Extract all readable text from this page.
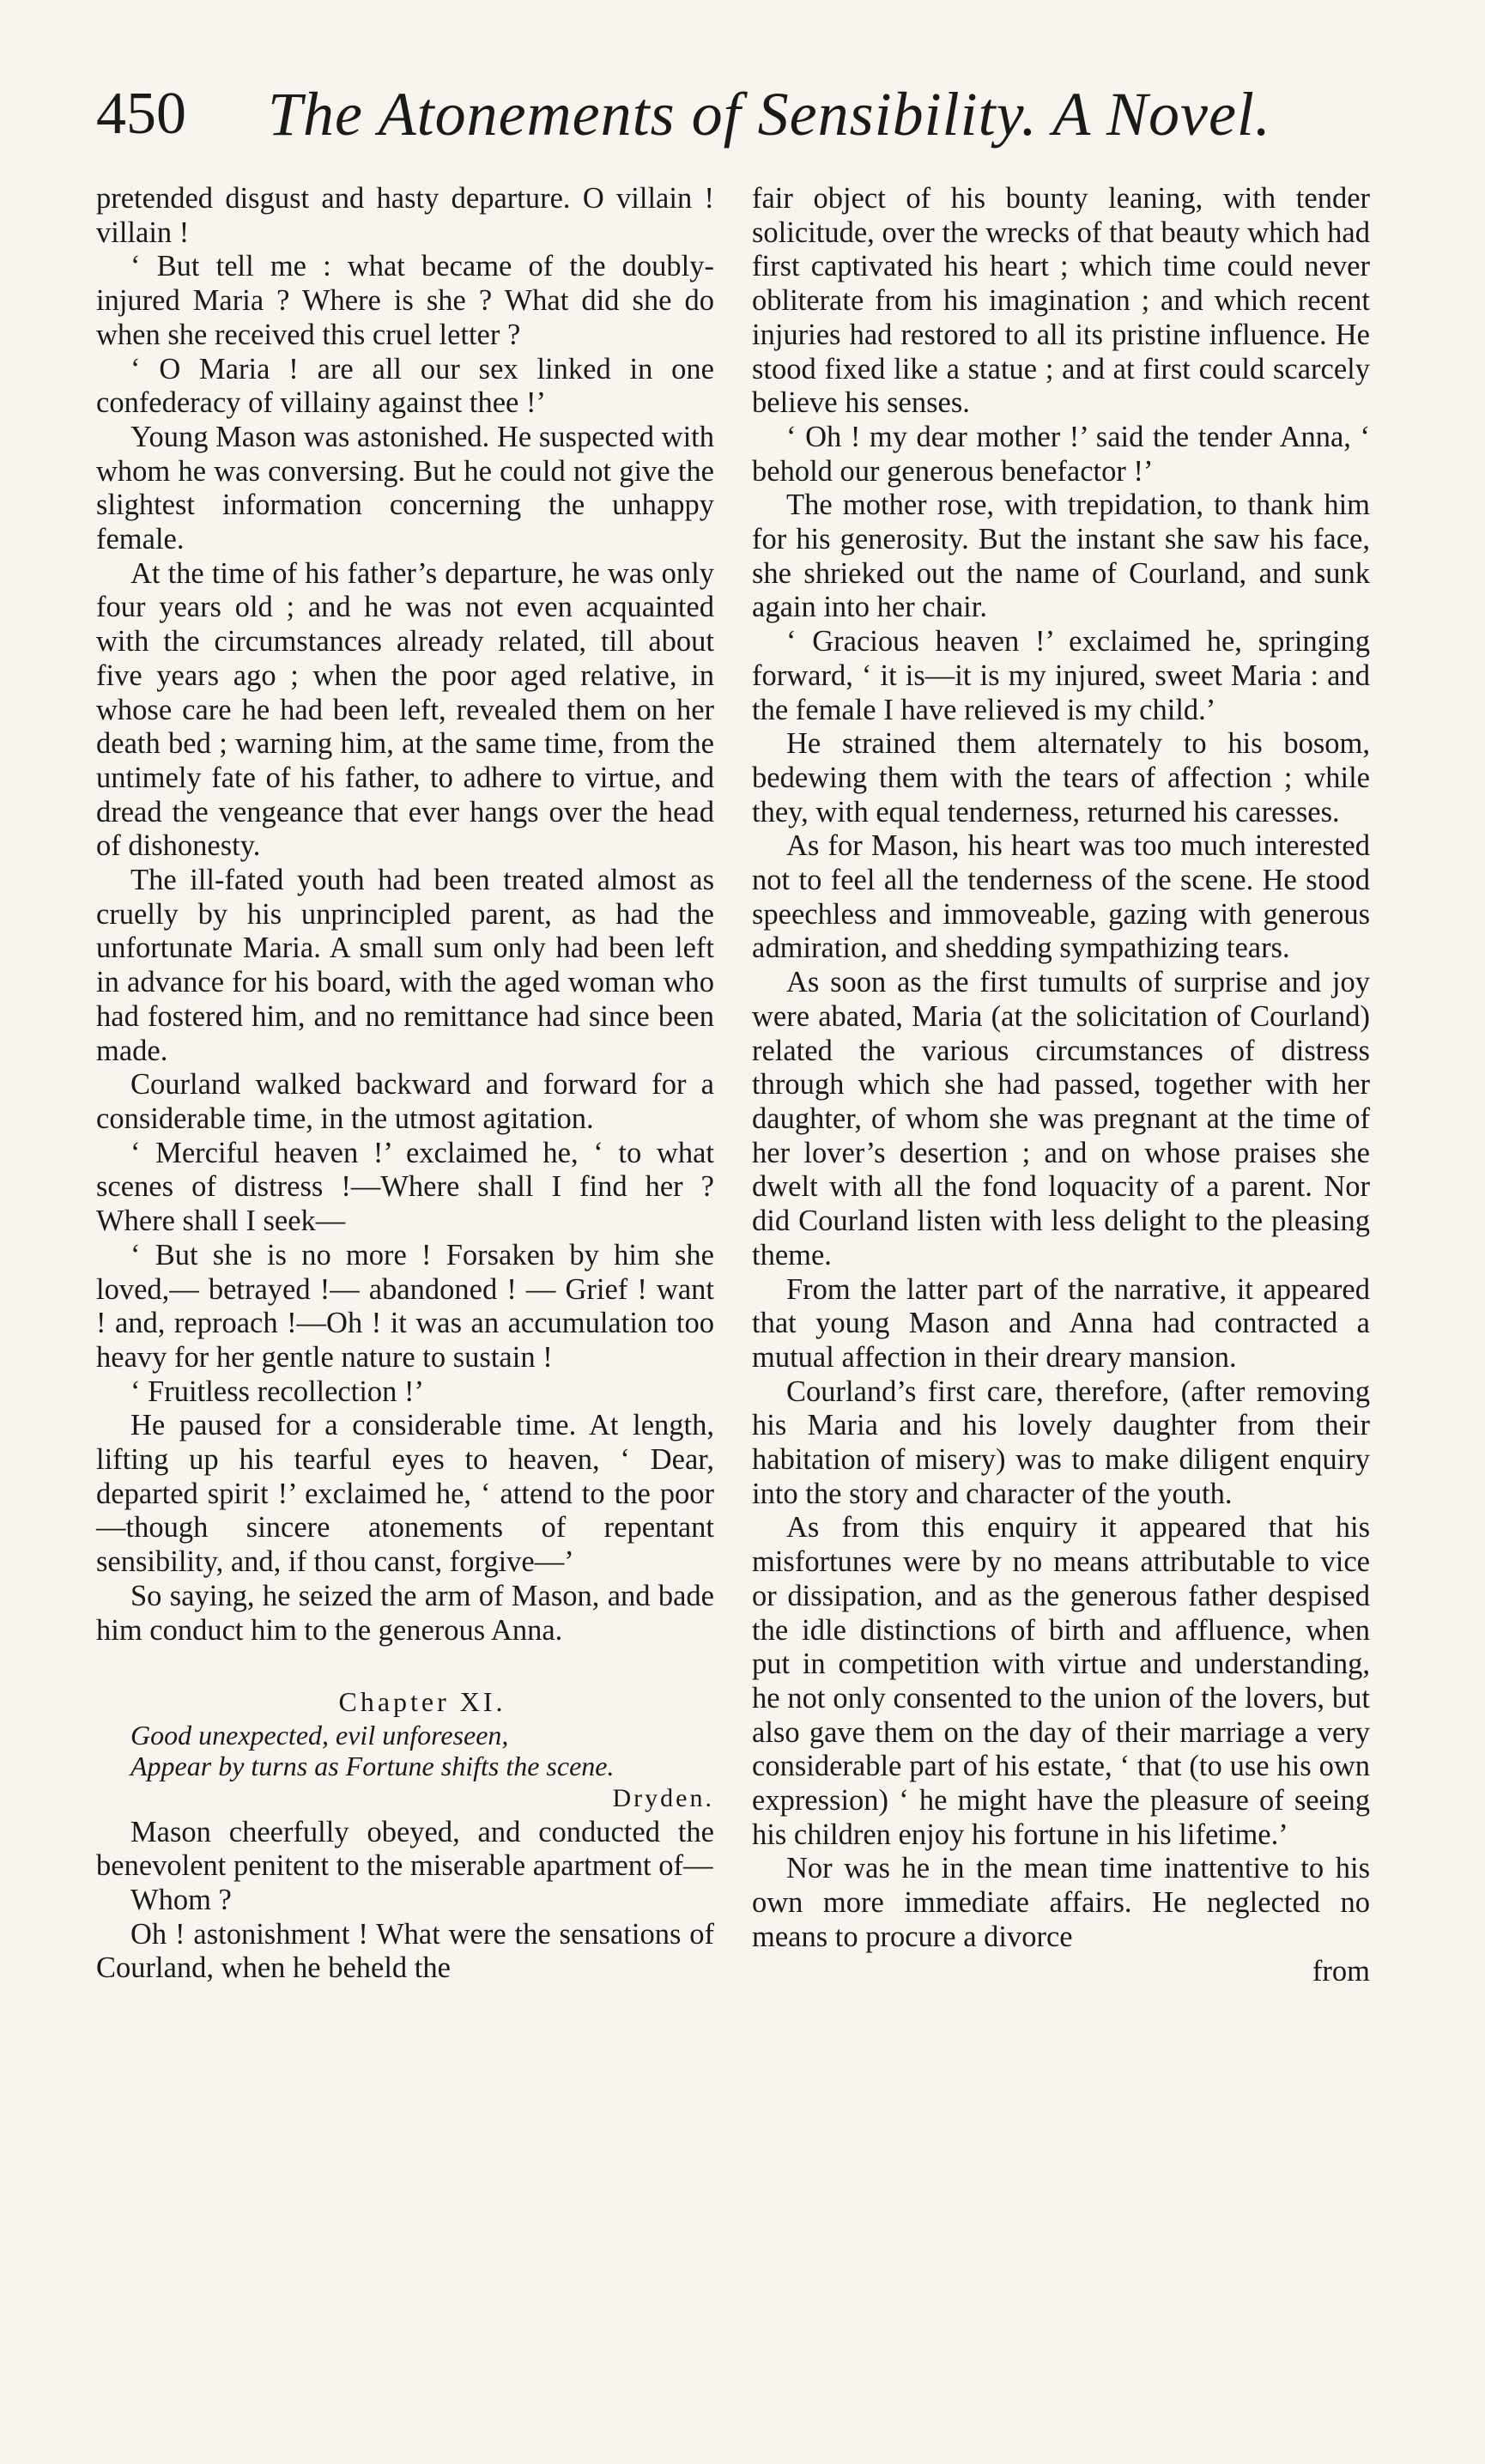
450 The Atonements of Sensibility. A Novel.

pretended disgust and hasty departure. O villain ! villain !

‘ But tell me : what became of the doubly-injured Maria ? Where is she ? What did she do when she received this cruel letter ?

‘ O Maria ! are all our sex linked in one confederacy of villainy against thee !’

Young Mason was astonished. He suspected with whom he was conversing. But he could not give the slightest information concerning the unhappy female.

At the time of his father’s departure, he was only four years old ; and he was not even acquainted with the circumstances already related, till about five years ago ; when the poor aged relative, in whose care he had been left, revealed them on her death bed ; warning him, at the same time, from the untimely fate of his father, to adhere to virtue, and dread the vengeance that ever hangs over the head of dishonesty.

The ill-fated youth had been treated almost as cruelly by his unprincipled parent, as had the unfortunate Maria. A small sum only had been left in advance for his board, with the aged woman who had fostered him, and no remittance had since been made.

Courland walked backward and forward for a considerable time, in the utmost agitation.

‘ Merciful heaven !’ exclaimed he, ‘ to what scenes of distress !—Where shall I find her ? Where shall I seek—

‘ But she is no more ! Forsaken by him she loved,— betrayed !— abandoned ! — Grief ! want ! and, reproach !—Oh ! it was an accumulation too heavy for her gentle nature to sustain !

‘ Fruitless recollection !’

He paused for a considerable time. At length, lifting up his tearful eyes to heaven, ‘ Dear, departed spirit !’ exclaimed he, ‘ attend to the poor—though sincere atonements of repentant sensibility, and, if thou canst, forgive—’

So saying, he seized the arm of Mason, and bade him conduct him to the generous Anna.

Chapter XI.

Good unexpected, evil unforeseen,

Appear by turns as Fortune shifts the scene.

Dryden.

Mason cheerfully obeyed, and conducted the benevolent penitent to the miserable apartment of—

Whom ?

Oh ! astonishment ! What were the sensations of Courland, when he beheld the

fair object of his bounty leaning, with tender solicitude, over the wrecks of that beauty which had first captivated his heart ; which time could never obliterate from his imagination ; and which recent injuries had restored to all its pristine influence. He stood fixed like a statue ; and at first could scarcely believe his senses.

‘ Oh ! my dear mother !’ said the tender Anna, ‘ behold our generous benefactor !’

The mother rose, with trepidation, to thank him for his generosity. But the instant she saw his face, she shrieked out the name of Courland, and sunk again into her chair.

‘ Gracious heaven !’ exclaimed he, springing forward, ‘ it is—it is my injured, sweet Maria : and the female I have relieved is my child.’

He strained them alternately to his bosom, bedewing them with the tears of affection ; while they, with equal tenderness, returned his caresses.

As for Mason, his heart was too much interested not to feel all the tenderness of the scene. He stood speechless and immoveable, gazing with generous admiration, and shedding sympathizing tears.

As soon as the first tumults of surprise and joy were abated, Maria (at the solicitation of Courland) related the various circumstances of distress through which she had passed, together with her daughter, of whom she was pregnant at the time of her lover’s desertion ; and on whose praises she dwelt with all the fond loquacity of a parent. Nor did Courland listen with less delight to the pleasing theme.

From the latter part of the narrative, it appeared that young Mason and Anna had contracted a mutual affection in their dreary mansion.

Courland’s first care, therefore, (after removing his Maria and his lovely daughter from their habitation of misery) was to make diligent enquiry into the story and character of the youth.

As from this enquiry it appeared that his misfortunes were by no means attributable to vice or dissipation, and as the generous father despised the idle distinctions of birth and affluence, when put in competition with virtue and understanding, he not only consented to the union of the lovers, but also gave them on the day of their marriage a very considerable part of his estate, ‘ that (to use his own expression) ‘ he might have the pleasure of seeing his children enjoy his fortune in his lifetime.’

Nor was he in the mean time inattentive to his own more immediate affairs. He neglected no means to procure a divorce

from
